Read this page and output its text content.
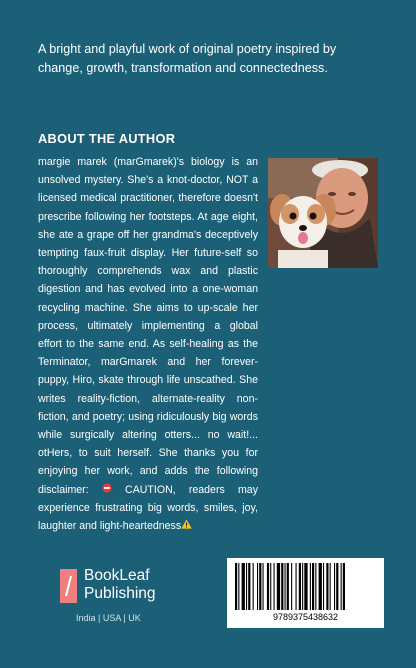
A bright and playful work of original poetry inspired by change, growth, transformation and connectedness.

ABOUT THE AUTHOR

margie marek (marGmarek)'s biology is an unsolved mystery. She's a knot-doctor, NOT a licensed medical practitioner, therefore doesn't prescribe following her footsteps. At age eight, she ate a grape off her grandma's deceptively tempting faux-fruit display. Her future-self so thoroughly comprehends wax and plastic digestion and has evolved into a one-woman recycling machine. She aims to up-scale her process, ultimately implementing a global effort to the same end. As self-healing as the Terminator, marGmarek and her forever-puppy, Hiro, skate through life unscathed. She writes reality-fiction, alternate-reality non-fiction, and poetry; using ridiculously big words while surgically altering otters... no wait!... otHers, to suit herself. She thanks you for enjoying her work, and adds the following disclaimer:	CAUTION, readers may experience frustrating big words, smiles, joy, laughter and light-heartedness

BookLeaf
Publishing
India | USA | UK	9789375438632
